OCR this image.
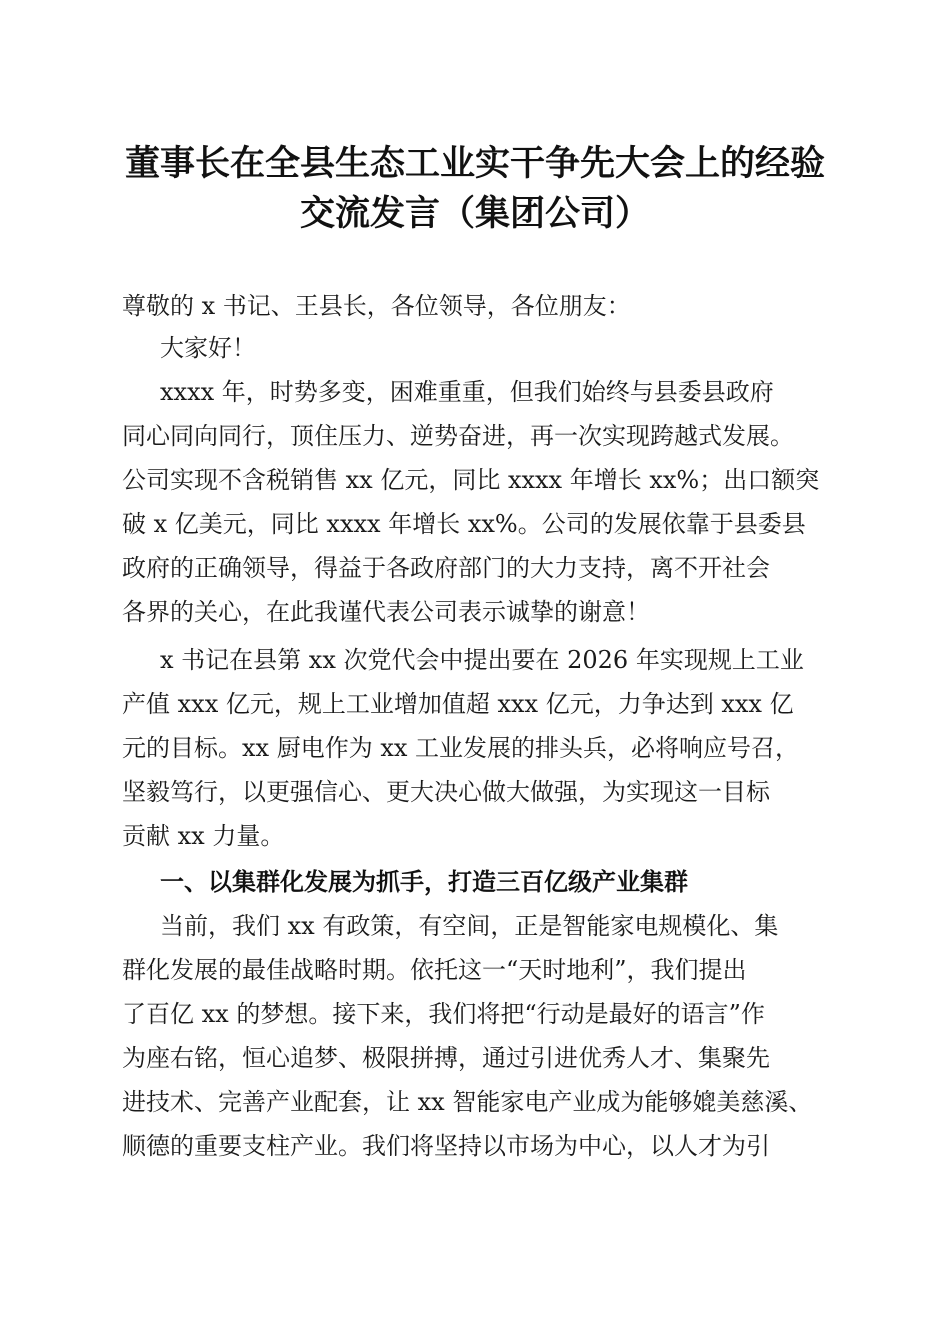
董事长在全县生态工业实干争先大会上的经验
交流发言（集团公司）
尊敬的 x 书记、王县长，各位领导，各位朋友：
大家好！
xxxx 年，时势多变，困难重重，但我们始终与县委县政府
同心同向同行，顶住压力、逆势奋进，再一次实现跨越式发展。
公司实现不含税销售 xx 亿元，同比 xxxx 年增长 xx%；出口额突
破 x 亿美元，同比 xxxx 年增长 xx%。公司的发展依靠于县委县
政府的正确领导，得益于各政府部门的大力支持，离不开社会
各界的关心，在此我谨代表公司表示诚挚的谢意！
x 书记在县第 xx 次党代会中提出要在 2026 年实现规上工业
产值 xxx 亿元，规上工业增加值超 xxx 亿元，力争达到 xxx 亿
元的目标。xx 厨电作为 xx 工业发展的排头兵，必将响应号召，
坚毅笃行，以更强信心、更大决心做大做强，为实现这一目标
贡献 xx 力量。
一、以集群化发展为抓手，打造三百亿级产业集群
当前，我们 xx 有政策，有空间，正是智能家电规模化、集
群化发展的最佳战略时期。依托这一“天时地利”，我们提出
了百亿 xx 的梦想。接下来，我们将把“行动是最好的语言”作
为座右铭，恒心追梦、极限拼搏，通过引进优秀人才、集聚先
进技术、完善产业配套，让 xx 智能家电产业成为能够媲美慈溪、
顺德的重要支柱产业。我们将坚持以市场为中心，以人才为引
